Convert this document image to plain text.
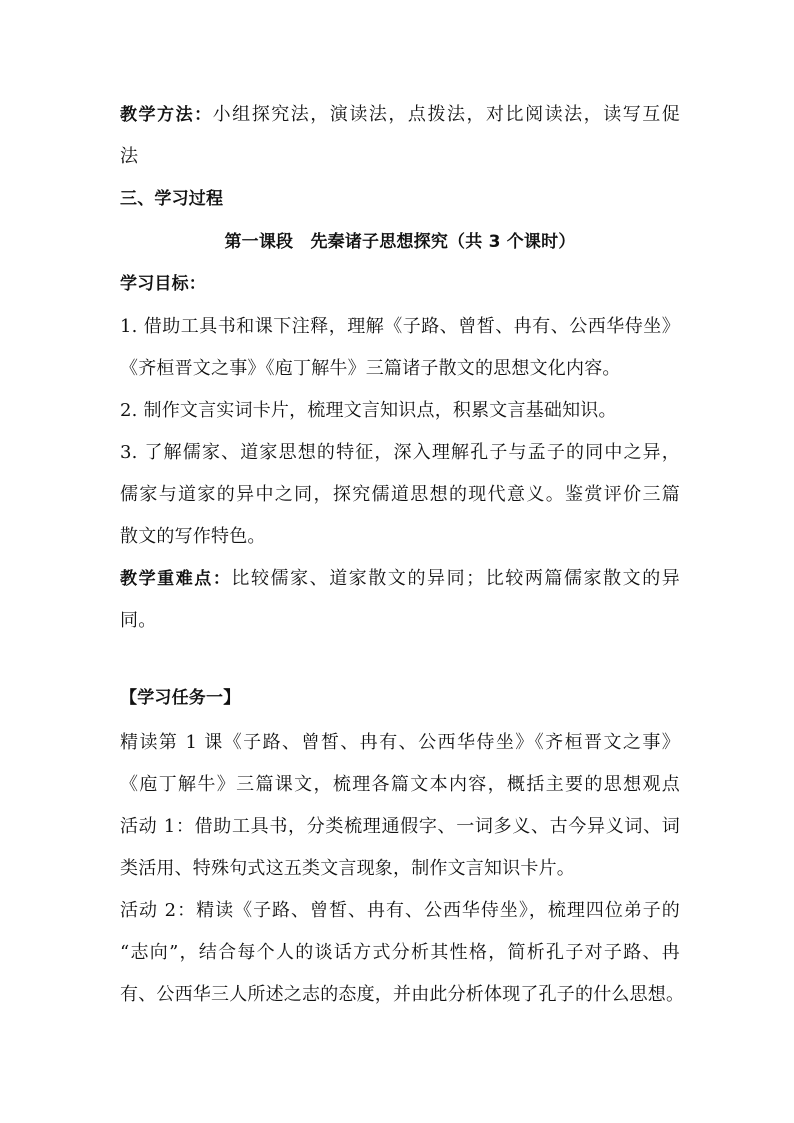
教学方法：小组探究法，演读法，点拨法，对比阅读法，读写互促
法
三、学习过程
第一课段　先秦诸子思想探究（共 3 个课时）
学习目标：
1. 借助工具书和课下注释，理解《子路、曾皙、冉有、公西华侍坐》
《齐桓晋文之事》《庖丁解牛》三篇诸子散文的思想文化内容。
2. 制作文言实词卡片，梳理文言知识点，积累文言基础知识。
3. 了解儒家、道家思想的特征，深入理解孔子与孟子的同中之异，
儒家与道家的异中之同，探究儒道思想的现代意义。鉴赏评价三篇
散文的写作特色。
教学重难点：比较儒家、道家散文的异同；比较两篇儒家散文的异
同。
【学习任务一】
精读第 1 课《子路、曾皙、冉有、公西华侍坐》《齐桓晋文之事》
《庖丁解牛》三篇课文，梳理各篇文本内容，概括主要的思想观点
活动 1：借助工具书，分类梳理通假字、一词多义、古今异义词、词
类活用、特殊句式这五类文言现象，制作文言知识卡片。
活动 2：精读《子路、曾皙、冉有、公西华侍坐》，梳理四位弟子的
“志向”，结合每个人的谈话方式分析其性格，简析孔子对子路、冉
有、公西华三人所述之志的态度，并由此分析体现了孔子的什么思想。
